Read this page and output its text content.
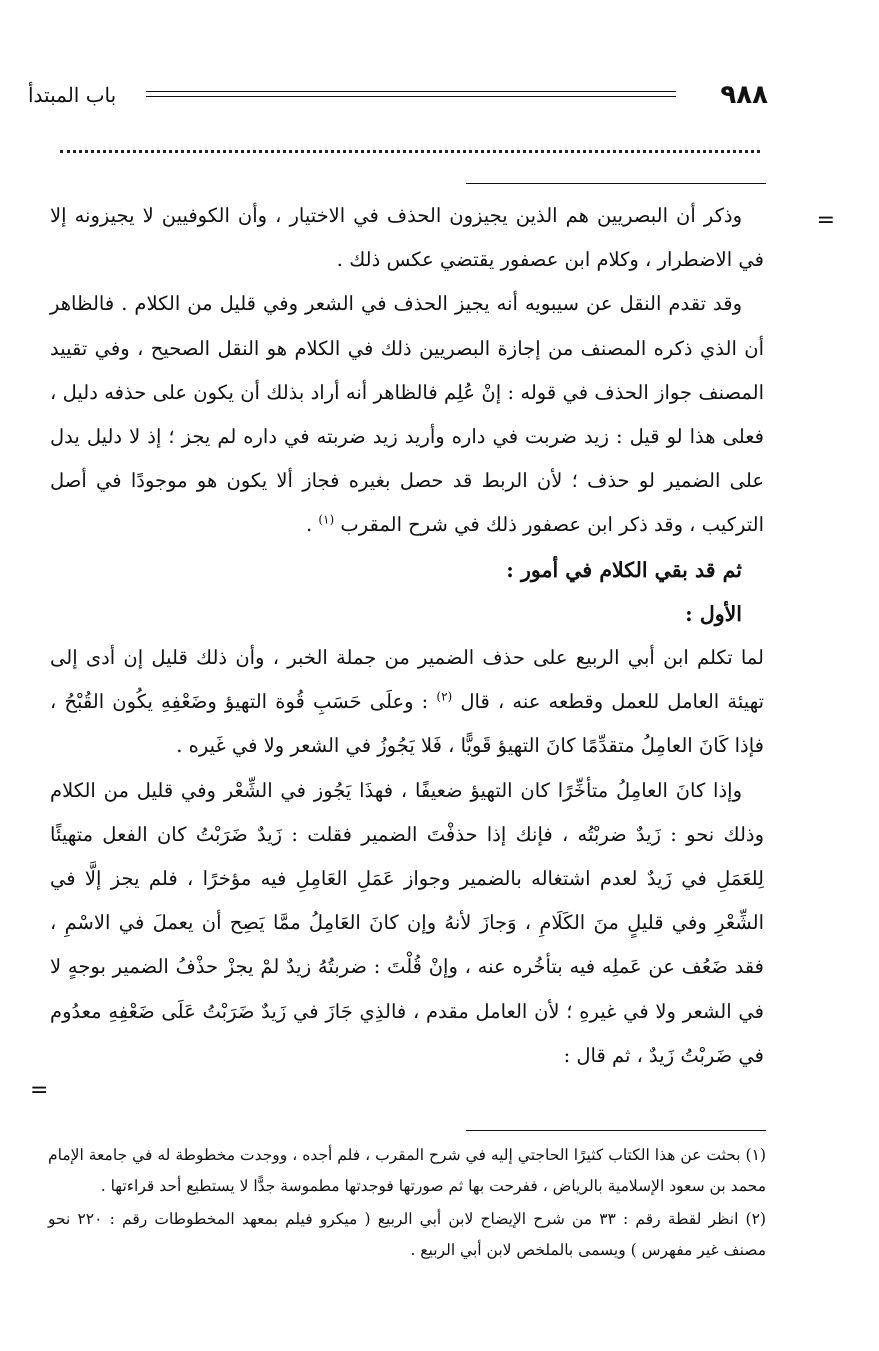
٩٨٨
باب المبتدأ
=

وذكر أن البصريين هم الذين يجيزون الحذف في الاختيار ، وأن الكوفيين لا يجيزونه إلا في الاضطرار ، وكلام ابن عصفور يقتضي عكس ذلك .

وقد تقدم النقل عن سيبويه أنه يجيز الحذف في الشعر وفي قليل من الكلام . فالظاهر أن الذي ذكره المصنف من إجازة البصريين ذلك في الكلام هو النقل الصحيح ، وفي تقييد المصنف جواز الحذف في قوله : إنْ عُلِم فالظاهر أنه أراد بذلك أن يكون على حذفه دليل ، فعلى هذا لو قيل : زيد ضربت في داره وأريد زيد ضربته في داره لم يجز ؛ إذ لا دليل يدل على الضمير لو حذف ؛ لأن الربط قد حصل بغيره فجاز ألا يكون هو موجودًا في أصل التركيب ، وقد ذكر ابن عصفور ذلك في شرح المقرب $^{(١)}$ .

ثم قد بقي الكلام في أمور :

الأول :

لما تكلم ابن أبي الربيع على حذف الضمير من جملة الخبر ، وأن ذلك قليل إن أدى إلى تهيئة العامل للعمل وقطعه عنه ، قال $^{(٢)}$ : وعلَى حَسَبِ قُوة التهيؤ وضَعْفِهِ يكُون القُبْحُ ، فإذا كَانَ العامِلُ متقدِّمًا كانَ التهيؤ قَويًّا ، فَلا يَجُوزُ في الشعر ولا في غَيره .

وإذا كانَ العامِلُ متأخِّرًا كان التهيؤ ضعيفًا ، فهذَا يَجُوز في الشِّعْر وفي قليل من الكلام وذلك نحو : زَيدٌ ضربْتُه ، فإنك إذا حذفْتَ الضمير فقلت : زَيدٌ ضَرَبْتُ كان الفعل متهيئًا لِلعَمَلِ في زَيدٌ لعدم اشتغاله بالضمير وجواز عَمَلِ العَامِلِ فيه مؤخرًا ، فلم يجز إلَّا في الشِّعْرِ وفي قليلٍ منَ الكَلَامِ ، وَجازَ لأنهُ وإن كانَ العَامِلُ ممَّا يَصِح أن يعملَ في الاسْمِ ، فقد ضَعُف عن عَملِه فيه بتأخُره عنه ، وإنْ قُلْتَ : ضربتُهُ زيدٌ لمْ يجزْ حذْفُ الضمير بوجهٍ لا في الشعر ولا في غيرهِ ؛ لأن العامل مقدم ، فالذِي جَازَ في زَيدٌ ضَرَبْتُ عَلَى ضَعْفِهِ معدُوم في ضَربْتُ زَيدٌ ، ثم قال :

=

(١) بحثت عن هذا الكتاب كثيرًا الحاجتي إليه في شرح المقرب ، فلم أجده ، ووجدت مخطوطة له في جامعة الإمام محمد بن سعود الإسلامية بالرياض ، ففرحت بها ثم صورتها فوجدتها مطموسة جدًّا لا يستطيع أحد قراءتها .

(٢) انظر لقطة رقم : ٣٣ من شرح الإيضاح لابن أبي الربيع ( ميكرو فيلم بمعهد المخطوطات رقم : ٢٢٠ نحو مصنف غير مفهرس ) ويسمى بالملخص لابن أبي الربيع .
